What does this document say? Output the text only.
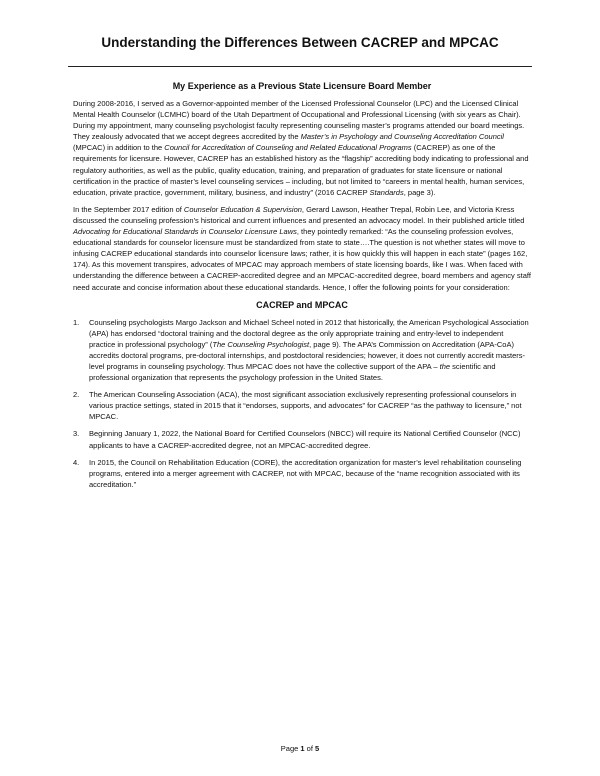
Understanding the Differences Between CACREP and MPCAC
My Experience as a Previous State Licensure Board Member

During 2008-2016, I served as a Governor-appointed member of the Licensed Professional Counselor (LPC) and the Licensed Clinical Mental Health Counselor (LCMHC) board of the Utah Department of Occupational and Professional Licensing (with six years as Chair). During my appointment, many counseling psychologist faculty representing counseling master’s programs attended our board meetings. They zealously advocated that we accept degrees accredited by the Master’s in Psychology and Counseling Accreditation Council (MPCAC) in addition to the Council for Accreditation of Counseling and Related Educational Programs (CACREP) as one of the requirements for licensure. However, CACREP has an established history as the “flagship” accrediting body indicating to professional and regulatory authorities, as well as the public, quality education, training, and preparation of graduates for state licensure or national certification in the practice of master’s level counseling services – including, but not limited to “careers in mental health, human services, education, private practice, government, military, business, and industry” (2016 CACREP Standards, page 3).

In the September 2017 edition of Counselor Education & Supervision, Gerard Lawson, Heather Trepal, Robin Lee, and Victoria Kress discussed the counseling profession’s historical and current influences and presented an advocacy model. In their published article titled Advocating for Educational Standards in Counselor Licensure Laws, they pointedly remarked: “As the counseling profession evolves, educational standards for counselor licensure must be standardized from state to state….The question is not whether states will move to infusing CACREP educational standards into counselor licensure laws; rather, it is how quickly this will happen in each state” (pages 162, 174). As this movement transpires, advocates of MPCAC may approach members of state licensing boards, like I was. When faced with understanding the difference between a CACREP-accredited degree and an MPCAC-accredited degree, board members and agency staff need accurate and concise information about these educational standards. Hence, I offer the following points for your consideration:

CACREP and MPCAC
1. Counseling psychologists Margo Jackson and Michael Scheel noted in 2012 that historically, the American Psychological Association (APA) has endorsed “doctoral training and the doctoral degree as the only appropriate training and entry-level to independent practice in professional psychology” (The Counseling Psychologist, page 9). The APA’s Commission on Accreditation (APA-CoA) accredits doctoral programs, pre-doctoral internships, and postdoctoral residencies; however, it does not currently accredit masters-level programs in counseling psychology. Thus MPCAC does not have the collective support of the APA – the scientific and professional organization that represents the psychology profession in the United States.
2. The American Counseling Association (ACA), the most significant association exclusively representing professional counselors in various practice settings, stated in 2015 that it “endorses, supports, and advocates” for CACREP “as the pathway to licensure,” not MPCAC.
3. Beginning January 1, 2022, the National Board for Certified Counselors (NBCC) will require its National Certified Counselor (NCC) applicants to have a CACREP-accredited degree, not an MPCAC-accredited degree.
4. In 2015, the Council on Rehabilitation Education (CORE), the accreditation organization for master’s level rehabilitation counseling programs, entered into a merger agreement with CACREP, not with MPCAC, because of the “name recognition associated with its accreditation.”
Page 1 of 5
